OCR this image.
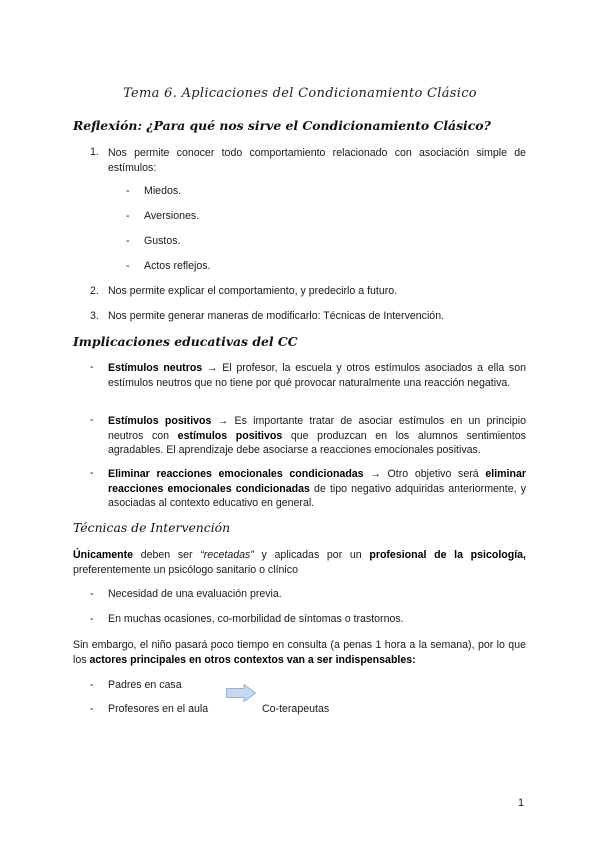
Tema 6. Aplicaciones del Condicionamiento Clásico
Reflexión: ¿Para qué nos sirve el Condicionamiento Clásico?
1. Nos permite conocer todo comportamiento relacionado con asociación simple de estímulos:
- Miedos.
- Aversiones.
- Gustos.
- Actos reflejos.
2. Nos permite explicar el comportamiento, y predecirlo a futuro.
3. Nos permite generar maneras de modificarlo: Técnicas de Intervención.
Implicaciones educativas del CC
- Estímulos neutros → El profesor, la escuela y otros estímulos asociados a ella son estímulos neutros que no tiene por qué provocar naturalmente una reacción negativa.
- Estímulos positivos → Es importante tratar de asociar estímulos en un principio neutros con estímulos positivos que produzcan en los alumnos sentimientos agradables. El aprendizaje debe asociarse a reacciones emocionales positivas.
- Eliminar reacciones emocionales condicionadas → Otro objetivo será eliminar reacciones emocionales condicionadas de tipo negativo adquiridas anteriormente, y asociadas al contexto educativo en general.
Técnicas de Intervención
Únicamente deben ser “recetadas” y aplicadas por un profesional de la psicología, preferentemente un psicólogo sanitario o clínico
- Necesidad de una evaluación previa.
- En muchas ocasiones, co-morbilidad de síntomas o trastornos.
Sin embargo, el niño pasará poco tiempo en consulta (a penas 1 hora a la semana), por lo que los actores principales en otros contextos van a ser indispensables:
- Padres en casa
- Profesores en el aula	Co-terapeutas
1
